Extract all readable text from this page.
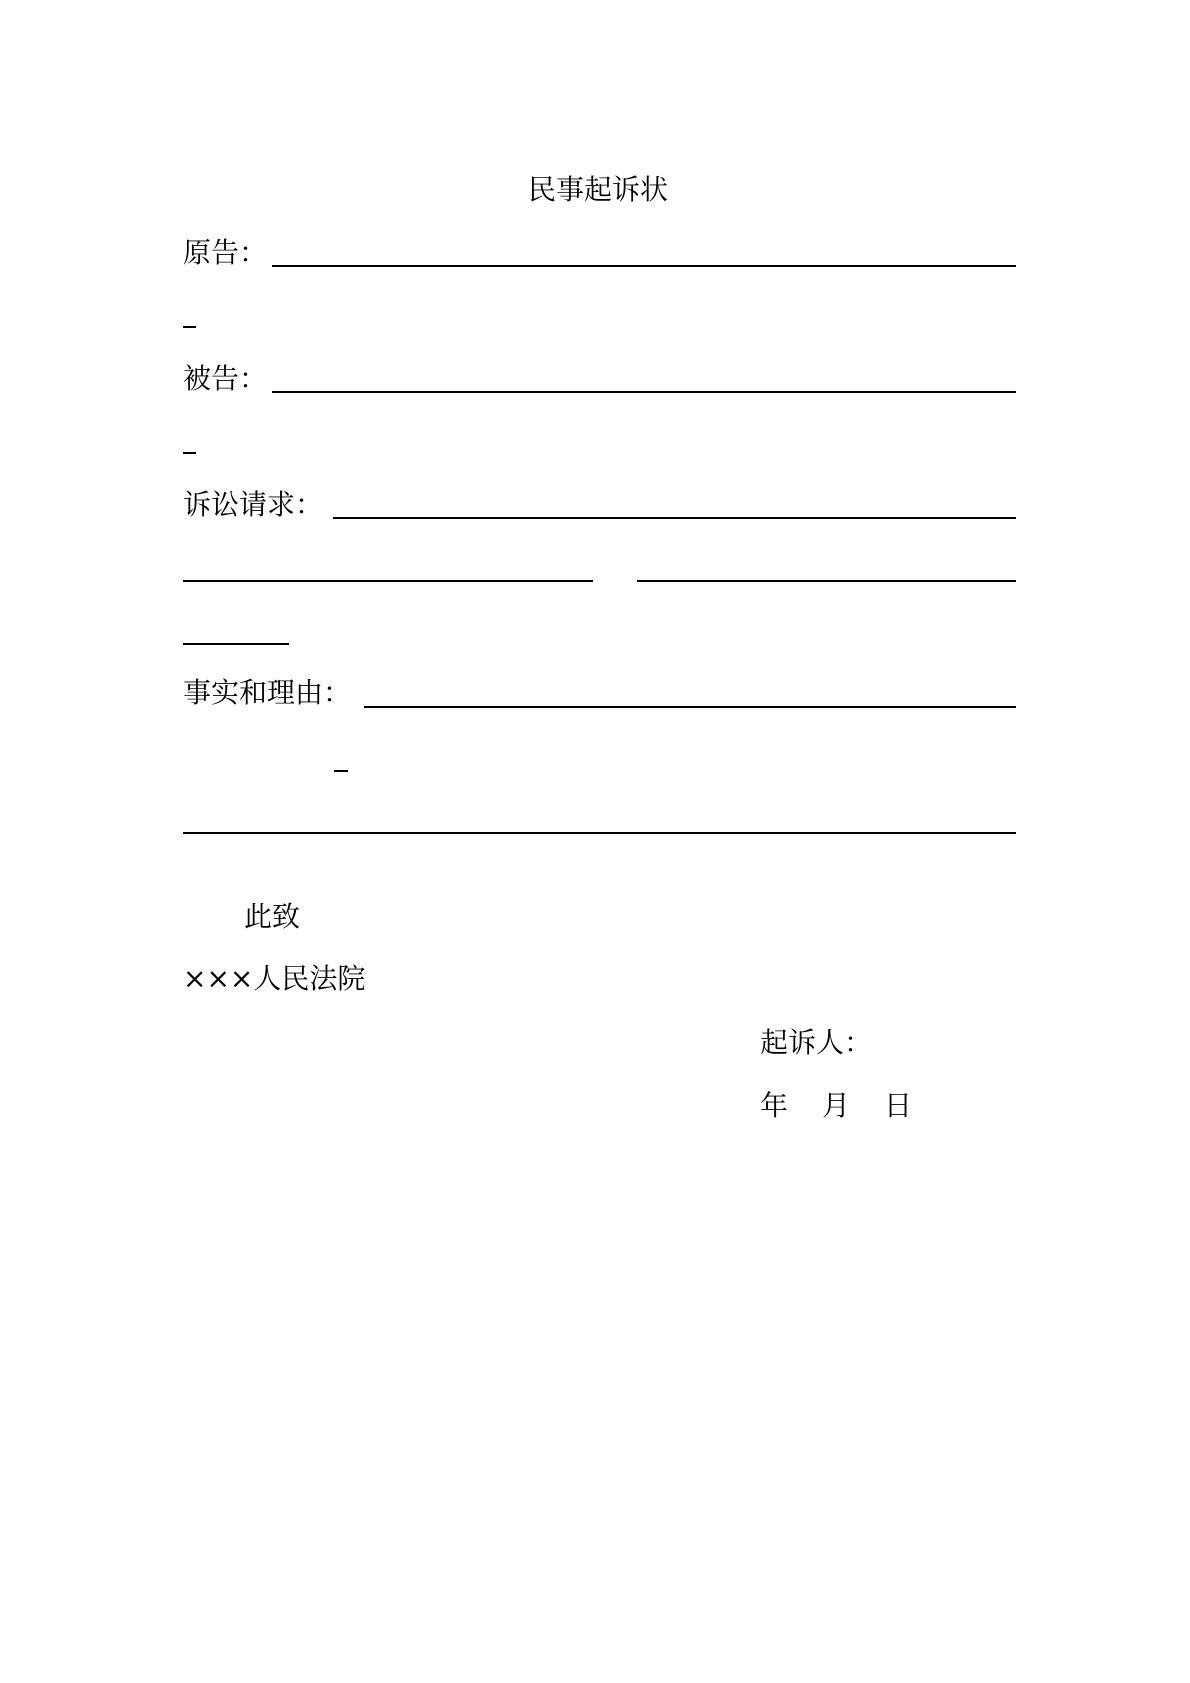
民事起诉状
原告：
被告：
诉讼请求：
事实和理由：
此致
×××人民法院
起诉人：
年 月 日
